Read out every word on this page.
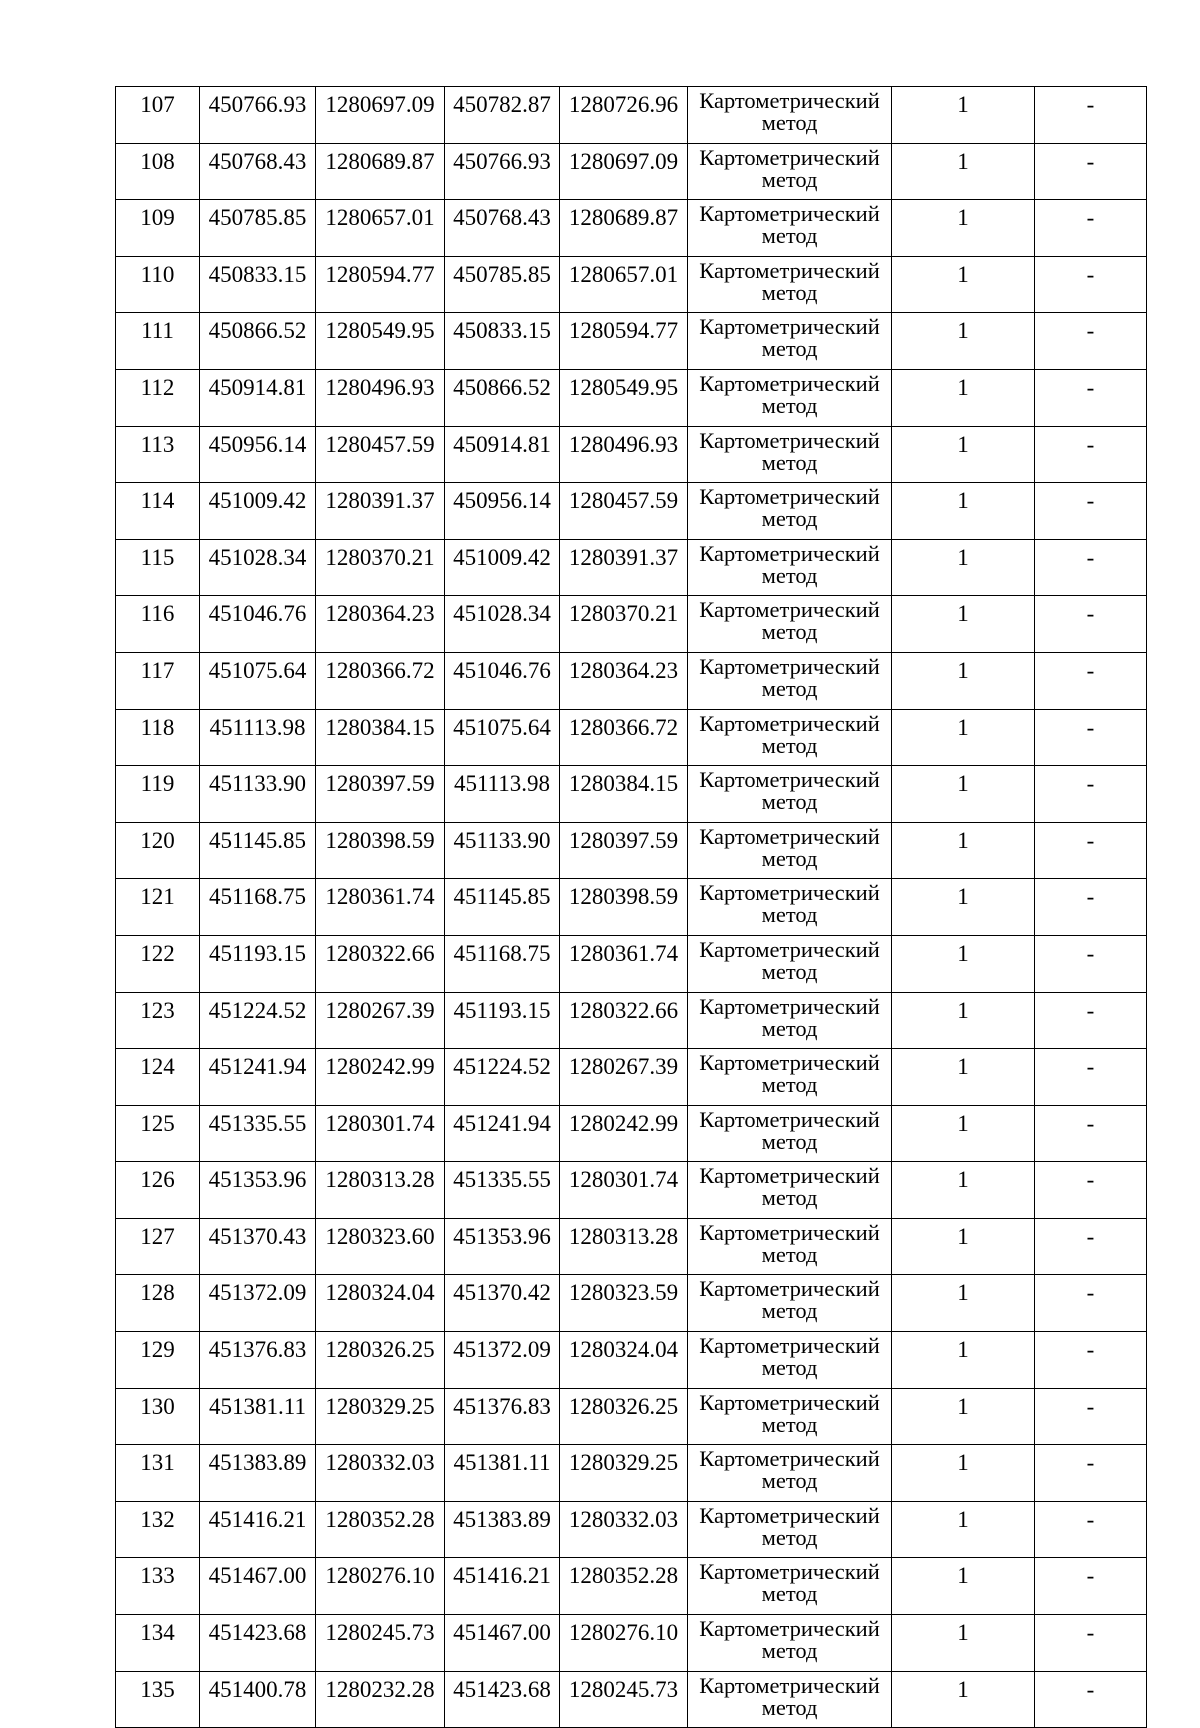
107	450766.93	1280697.09	450782.87	1280726.96	Картометрический
метод	1	-
108	450768.43	1280689.87	450766.93	1280697.09	Картометрический
метод	1	-
109	450785.85	1280657.01	450768.43	1280689.87	Картометрический
метод	1	-
110	450833.15	1280594.77	450785.85	1280657.01	Картометрический
метод	1	-
111	450866.52	1280549.95	450833.15	1280594.77	Картометрический
метод	1	-
112	450914.81	1280496.93	450866.52	1280549.95	Картометрический
метод	1	-
113	450956.14	1280457.59	450914.81	1280496.93	Картометрический
метод	1	-
114	451009.42	1280391.37	450956.14	1280457.59	Картометрический
метод	1	-
115	451028.34	1280370.21	451009.42	1280391.37	Картометрический
метод	1	-
116	451046.76	1280364.23	451028.34	1280370.21	Картометрический
метод	1	-
117	451075.64	1280366.72	451046.76	1280364.23	Картометрический
метод	1	-
118	451113.98	1280384.15	451075.64	1280366.72	Картометрический
метод	1	-
119	451133.90	1280397.59	451113.98	1280384.15	Картометрический
метод	1	-
120	451145.85	1280398.59	451133.90	1280397.59	Картометрический
метод	1	-
121	451168.75	1280361.74	451145.85	1280398.59	Картометрический
метод	1	-
122	451193.15	1280322.66	451168.75	1280361.74	Картометрический
метод	1	-
123	451224.52	1280267.39	451193.15	1280322.66	Картометрический
метод	1	-
124	451241.94	1280242.99	451224.52	1280267.39	Картометрический
метод	1	-
125	451335.55	1280301.74	451241.94	1280242.99	Картометрический
метод	1	-
126	451353.96	1280313.28	451335.55	1280301.74	Картометрический
метод	1	-
127	451370.43	1280323.60	451353.96	1280313.28	Картометрический
метод	1	-
128	451372.09	1280324.04	451370.42	1280323.59	Картометрический
метод	1	-
129	451376.83	1280326.25	451372.09	1280324.04	Картометрический
метод	1	-
130	451381.11	1280329.25	451376.83	1280326.25	Картометрический
метод	1	-
131	451383.89	1280332.03	451381.11	1280329.25	Картометрический
метод	1	-
132	451416.21	1280352.28	451383.89	1280332.03	Картометрический
метод	1	-
133	451467.00	1280276.10	451416.21	1280352.28	Картометрический
метод	1	-
134	451423.68	1280245.73	451467.00	1280276.10	Картометрический
метод	1	-
135	451400.78	1280232.28	451423.68	1280245.73	Картометрический
метод	1	-
